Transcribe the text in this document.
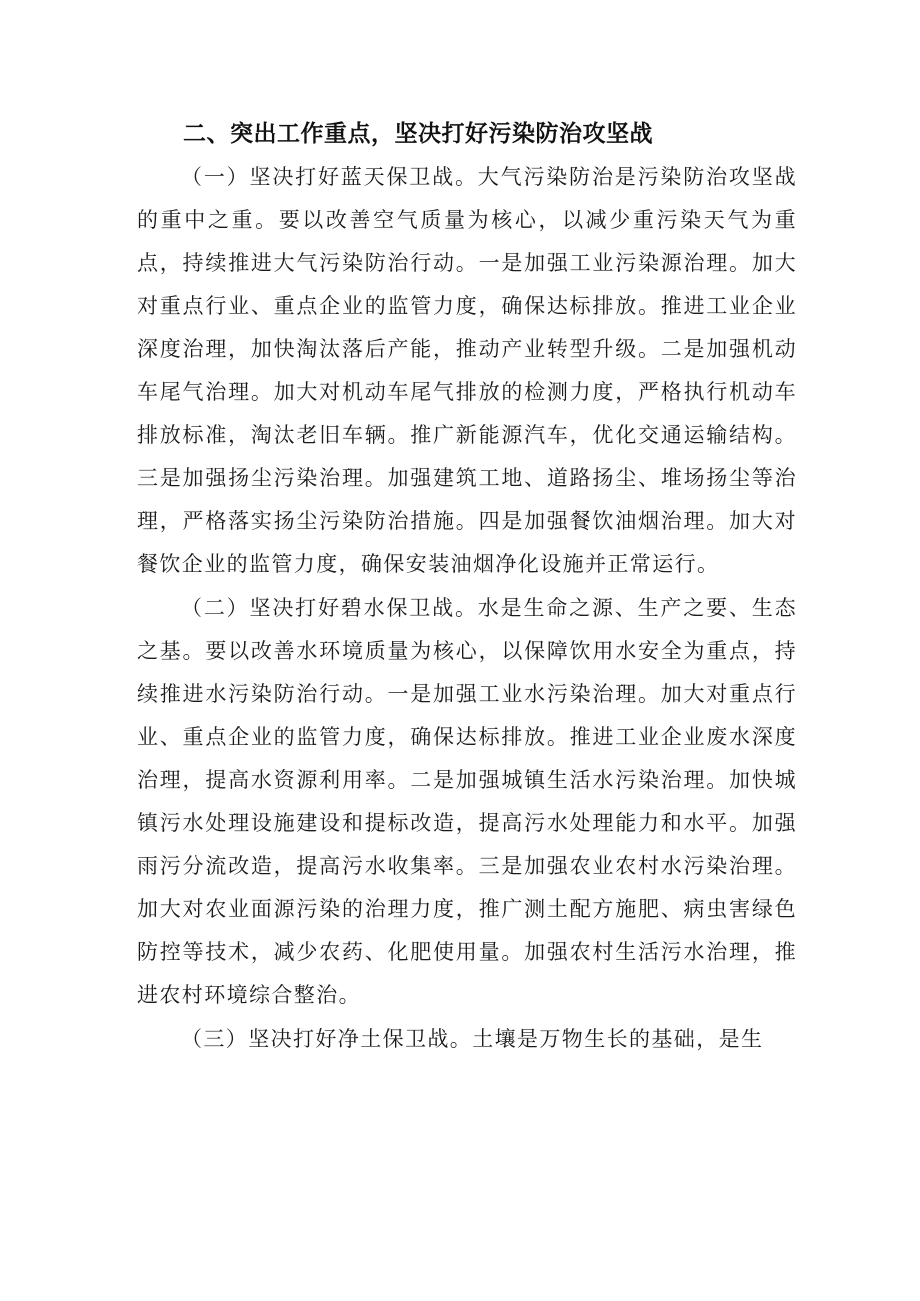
二、突出工作重点，坚决打好污染防治攻坚战

（一）坚决打好蓝天保卫战。大气污染防治是污染防治攻坚战的重中之重。要以改善空气质量为核心，以减少重污染天气为重点，持续推进大气污染防治行动。一是加强工业污染源治理。加大对重点行业、重点企业的监管力度，确保达标排放。推进工业企业深度治理，加快淘汰落后产能，推动产业转型升级。二是加强机动车尾气治理。加大对机动车尾气排放的检测力度，严格执行机动车排放标准，淘汰老旧车辆。推广新能源汽车，优化交通运输结构。三是加强扬尘污染治理。加强建筑工地、道路扬尘、堆场扬尘等治理，严格落实扬尘污染防治措施。四是加强餐饮油烟治理。加大对餐饮企业的监管力度，确保安装油烟净化设施并正常运行。

（二）坚决打好碧水保卫战。水是生命之源、生产之要、生态之基。要以改善水环境质量为核心，以保障饮用水安全为重点，持续推进水污染防治行动。一是加强工业水污染治理。加大对重点行业、重点企业的监管力度，确保达标排放。推进工业企业废水深度治理，提高水资源利用率。二是加强城镇生活水污染治理。加快城镇污水处理设施建设和提标改造，提高污水处理能力和水平。加强雨污分流改造，提高污水收集率。三是加强农业农村水污染治理。加大对农业面源污染的治理力度，推广测土配方施肥、病虫害绿色防控等技术，减少农药、化肥使用量。加强农村生活污水治理，推进农村环境综合整治。

（三）坚决打好净土保卫战。土壤是万物生长的基础，是生
